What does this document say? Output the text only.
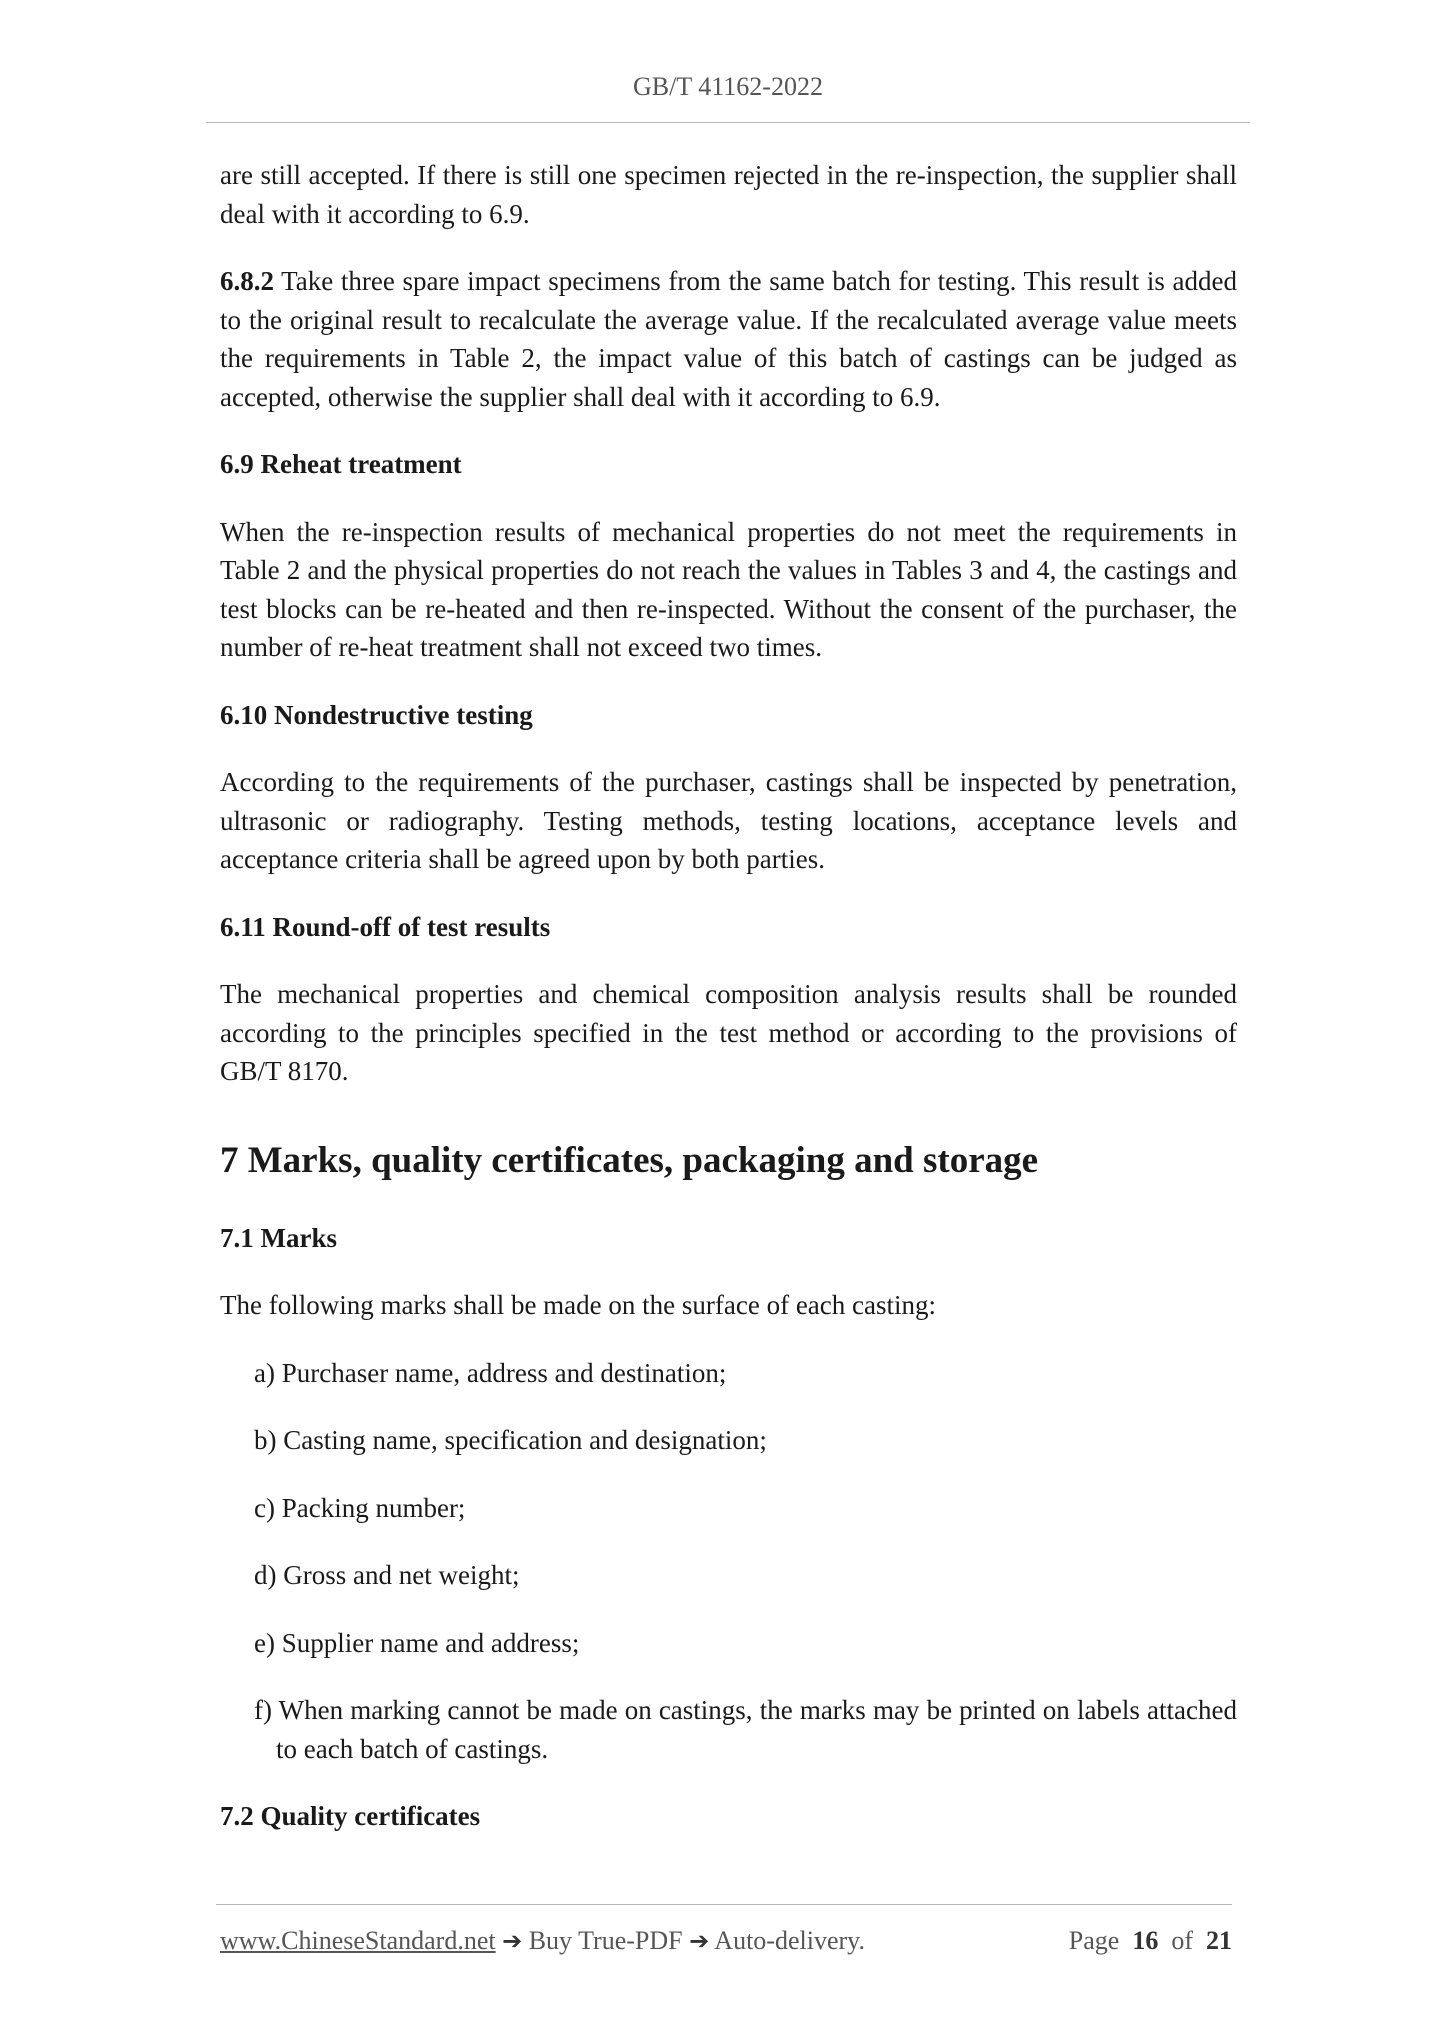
GB/T 41162-2022

are still accepted. If there is still one specimen rejected in the re-inspection, the supplier shall deal with it according to 6.9.

6.8.2 Take three spare impact specimens from the same batch for testing. This result is added to the original result to recalculate the average value. If the recalculated average value meets the requirements in Table 2, the impact value of this batch of castings can be judged as accepted, otherwise the supplier shall deal with it according to 6.9.

6.9 Reheat treatment

When the re-inspection results of mechanical properties do not meet the requirements in Table 2 and the physical properties do not reach the values in Tables 3 and 4, the castings and test blocks can be re-heated and then re-inspected. Without the consent of the purchaser, the number of re-heat treatment shall not exceed two times.

6.10 Nondestructive testing

According to the requirements of the purchaser, castings shall be inspected by penetration, ultrasonic or radiography. Testing methods, testing locations, acceptance levels and acceptance criteria shall be agreed upon by both parties.

6.11 Round-off of test results

The mechanical properties and chemical composition analysis results shall be rounded according to the principles specified in the test method or according to the provisions of GB/T 8170.

7 Marks, quality certificates, packaging and storage
7.1 Marks

The following marks shall be made on the surface of each casting:

a) Purchaser name, address and destination;

b) Casting name, specification and designation;

c) Packing number;

d) Gross and net weight;

e) Supplier name and address;

f) When marking cannot be made on castings, the marks may be printed on labels attached to each batch of castings.

7.2 Quality certificates
www.ChineseStandard.net ➔ Buy True-PDF ➔ Auto-delivery.	Page 16 of 21
